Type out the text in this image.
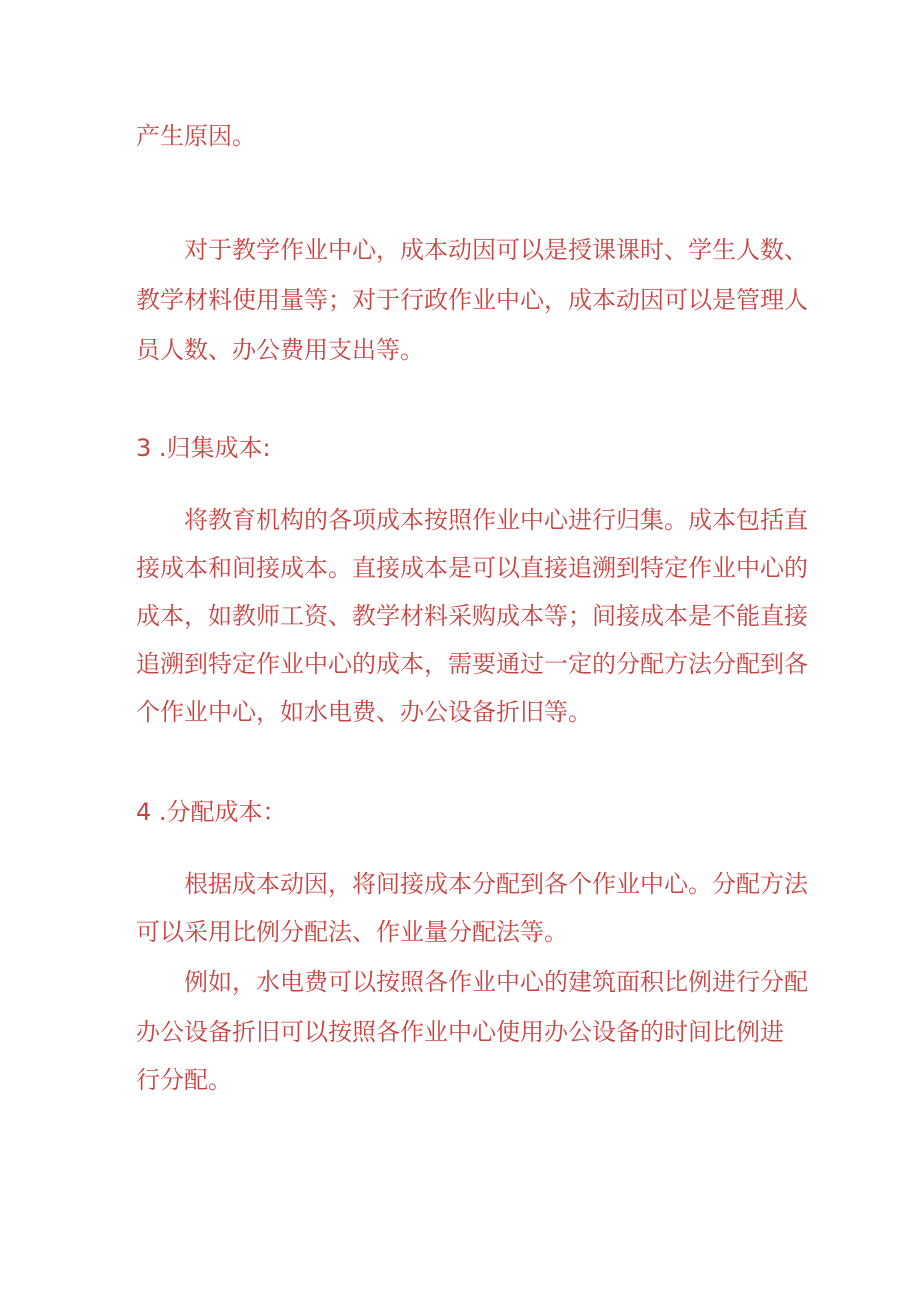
产生原因。
对于教学作业中心，成本动因可以是授课课时、学生人数、
教学材料使用量等；对于行政作业中心，成本动因可以是管理人
员人数、办公费用支出等。
3 .归集成本:
将教育机构的各项成本按照作业中心进行归集。成本包括直
接成本和间接成本。直接成本是可以直接追溯到特定作业中心的
成本，如教师工资、教学材料采购成本等；间接成本是不能直接
追溯到特定作业中心的成本，需要通过一定的分配方法分配到各
个作业中心，如水电费、办公设备折旧等。
4 .分配成本：
根据成本动因，将间接成本分配到各个作业中心。分配方法
可以采用比例分配法、作业量分配法等。
例如，水电费可以按照各作业中心的建筑面积比例进行分配
办公设备折旧可以按照各作业中心使用办公设备的时间比例进
行分配。
